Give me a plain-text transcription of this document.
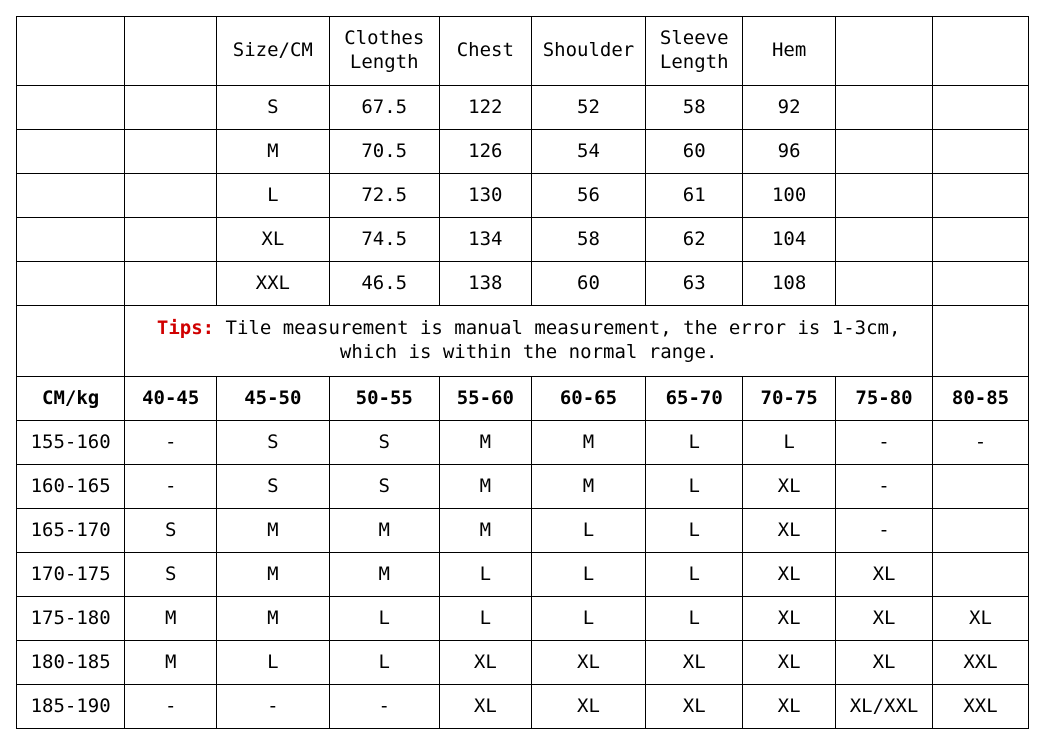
		Size/CM	Clothes Length	Chest	Shoulder	Sleeve Length	Hem		
		S	67.5	122	52	58	92		
		M	70.5	126	54	60	96		
		L	72.5	130	56	61	100		
		XL	74.5	134	58	62	104		
		XXL	46.5	138	60	63	108		
	Tips: Tile measurement is manual measurement, the error is 1-3cm, which is within the normal range.								
CM/kg	40-45	45-50	50-55	55-60	60-65	65-70	70-75	75-80	80-85
155-160	-	S	S	M	M	L	L	-	-
160-165	-	S	S	M	M	L	XL	-	
165-170	S	M	M	M	L	L	XL	-	
170-175	S	M	M	L	L	L	XL	XL	
175-180	M	M	L	L	L	L	XL	XL	XL
180-185	M	L	L	XL	XL	XL	XL	XL	XXL
185-190	-	-	-	XL	XL	XL	XL	XL/XXL	XXL
